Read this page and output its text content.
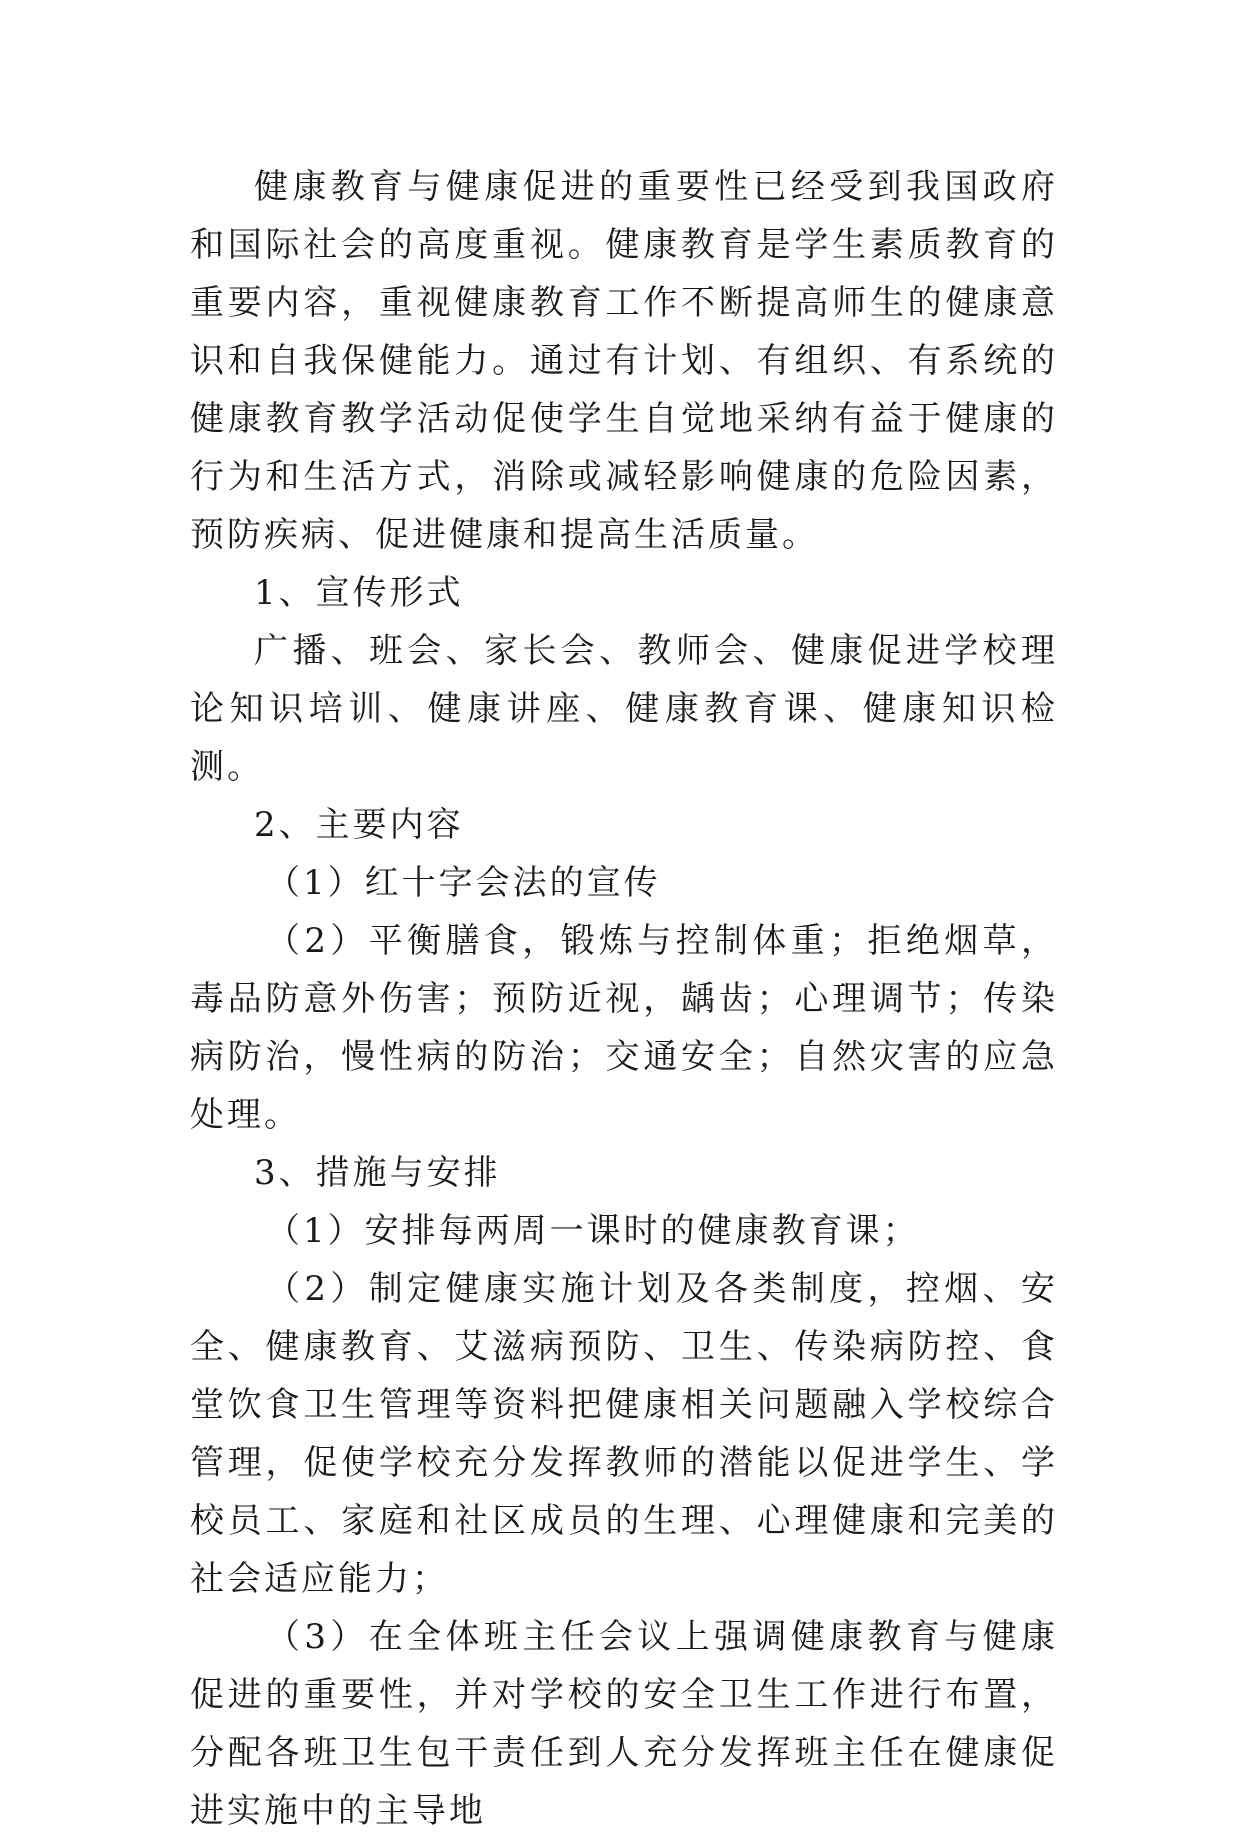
健康教育与健康促进的重要性已经受到我国政府和国际社会的高度重视。健康教育是学生素质教育的重要内容，重视健康教育工作不断提高师生的健康意识和自我保健能力。通过有计划、有组织、有系统的健康教育教学活动促使学生自觉地采纳有益于健康的行为和生活方式，消除或减轻影响健康的危险因素，预防疾病、促进健康和提高生活质量。

1、宣传形式

广播、班会、家长会、教师会、健康促进学校理论知识培训、健康讲座、健康教育课、健康知识检测。

2、主要内容

（1）红十字会法的宣传

（2）平衡膳食，锻炼与控制体重；拒绝烟草，毒品防意外伤害；预防近视，龋齿；心理调节；传染病防治，慢性病的防治；交通安全；自然灾害的应急处理。

3、措施与安排

（1）安排每两周一课时的健康教育课；

（2）制定健康实施计划及各类制度，控烟、安全、健康教育、艾滋病预防、卫生、传染病防控、食堂饮食卫生管理等资料把健康相关问题融入学校综合管理，促使学校充分发挥教师的潜能以促进学生、学校员工、家庭和社区成员的生理、心理健康和完美的社会适应能力；

（3）在全体班主任会议上强调健康教育与健康促进的重要性，并对学校的安全卫生工作进行布置，分配各班卫生包干责任到人充分发挥班主任在健康促进实施中的主导地
